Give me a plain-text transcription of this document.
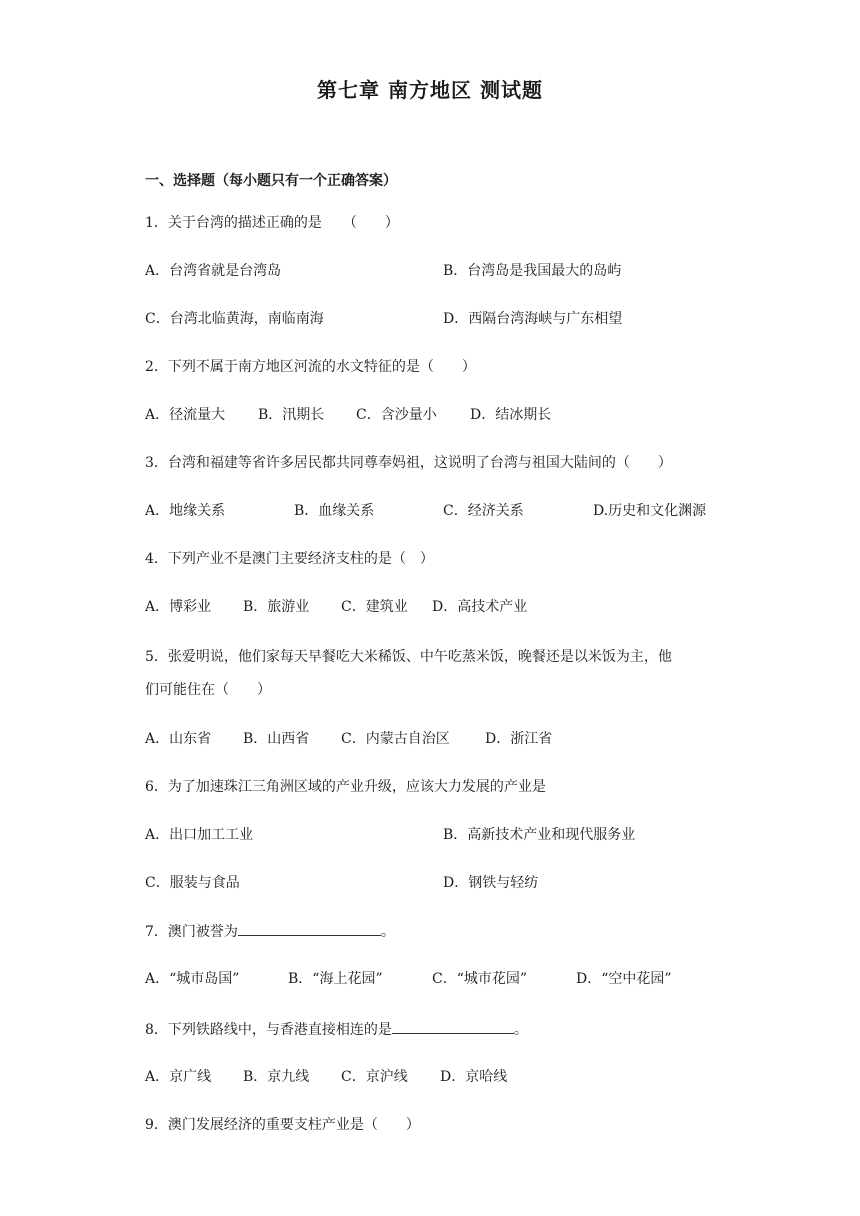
第七章 南方地区 测试题
一、选择题（每小题只有一个正确答案）
1．关于台湾的描述正确的是　　（　　）
A．台湾省就是台湾岛	B．台湾岛是我国最大的岛屿
C．台湾北临黄海，南临南海	D．西隔台湾海峡与广东相望
2．下列不属于南方地区河流的水文特征的是（　　）
A．径流量大 B．汛期长 C．含沙量小 D．结冰期长
3．台湾和福建等省许多居民都共同尊奉妈祖，这说明了台湾与祖国大陆间的（　　）
A．地缘关系	B．血缘关系	C．经济关系	D.历史和文化渊源
4．下列产业不是澳门主要经济支柱的是（　）
A．博彩业 B．旅游业 C．建筑业 D．高技术产业
5．张爱明说，他们家每天早餐吃大米稀饭、中午吃蒸米饭，晚餐还是以米饭为主，他
们可能住在（　　）
A．山东省 B．山西省 C．内蒙古自治区	D．浙江省
6．为了加速珠江三角洲区域的产业升级，应该大力发展的产业是
A．出口加工工业	B．高新技术产业和现代服务业
C．服装与食品	D．钢铁与轻纺
7．澳门被誉为	。
A．“城市岛国”	B．“海上花园”	C．“城市花园”	D．“空中花园”
8．下列铁路线中，与香港直接相连的是	。
A．京广线 B．京九线 C．京沪线 D．京哈线
9．澳门发展经济的重要支柱产业是（　　）
